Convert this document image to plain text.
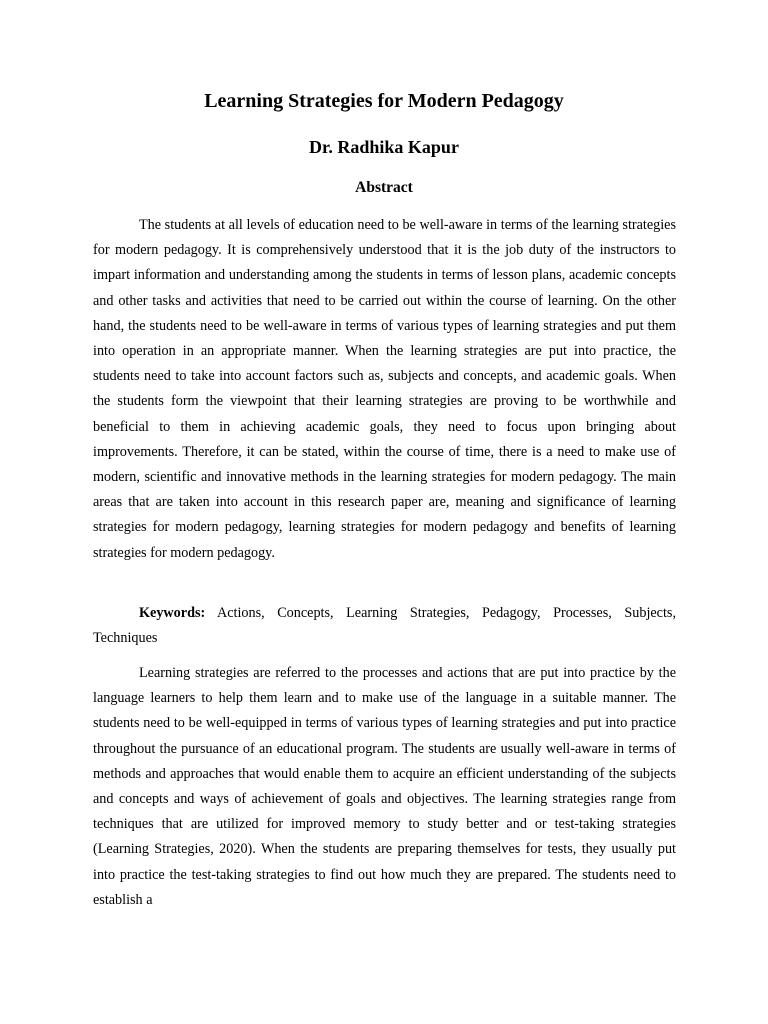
Learning Strategies for Modern Pedagogy
Dr. Radhika Kapur
Abstract

The students at all levels of education need to be well-aware in terms of the learning strategies for modern pedagogy. It is comprehensively understood that it is the job duty of the instructors to impart information and understanding among the students in terms of lesson plans, academic concepts and other tasks and activities that need to be carried out within the course of learning. On the other hand, the students need to be well-aware in terms of various types of learning strategies and put them into operation in an appropriate manner. When the learning strategies are put into practice, the students need to take into account factors such as, subjects and concepts, and academic goals. When the students form the viewpoint that their learning strategies are proving to be worthwhile and beneficial to them in achieving academic goals, they need to focus upon bringing about improvements. Therefore, it can be stated, within the course of time, there is a need to make use of modern, scientific and innovative methods in the learning strategies for modern pedagogy. The main areas that are taken into account in this research paper are, meaning and significance of learning strategies for modern pedagogy, learning strategies for modern pedagogy and benefits of learning strategies for modern pedagogy.

Keywords: Actions, Concepts, Learning Strategies, Pedagogy, Processes, Subjects, Techniques

Learning strategies are referred to the processes and actions that are put into practice by the language learners to help them learn and to make use of the language in a suitable manner. The students need to be well-equipped in terms of various types of learning strategies and put into practice throughout the pursuance of an educational program. The students are usually well-aware in terms of methods and approaches that would enable them to acquire an efficient understanding of the subjects and concepts and ways of achievement of goals and objectives. The learning strategies range from techniques that are utilized for improved memory to study better and or test-taking strategies (Learning Strategies, 2020). When the students are preparing themselves for tests, they usually put into practice the test-taking strategies to find out how much they are prepared. The students need to establish a
